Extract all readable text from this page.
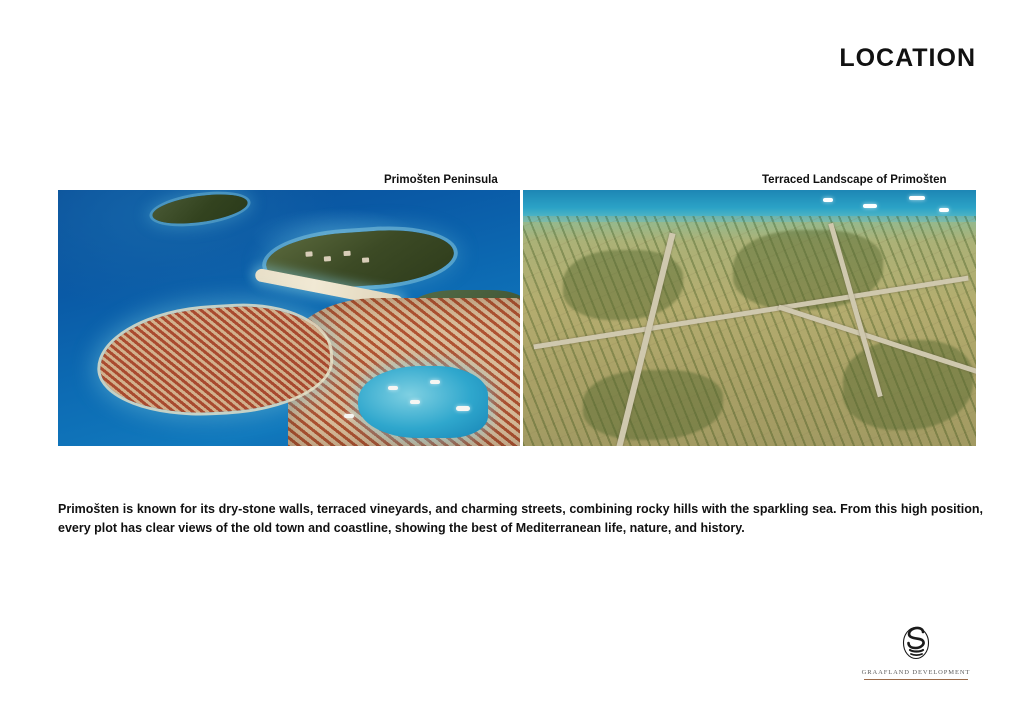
LOCATION
Primošten Peninsula	Terraced Landscape of Primošten

Primošten is known for its dry-stone walls, terraced vineyards, and charming streets, combining rocky hills with the sparkling sea. From this high position, every plot has clear views of the old town and coastline, showing the best of Mediterranean life, nature, and history.

GRAAFLAND DEVELOPMENT
